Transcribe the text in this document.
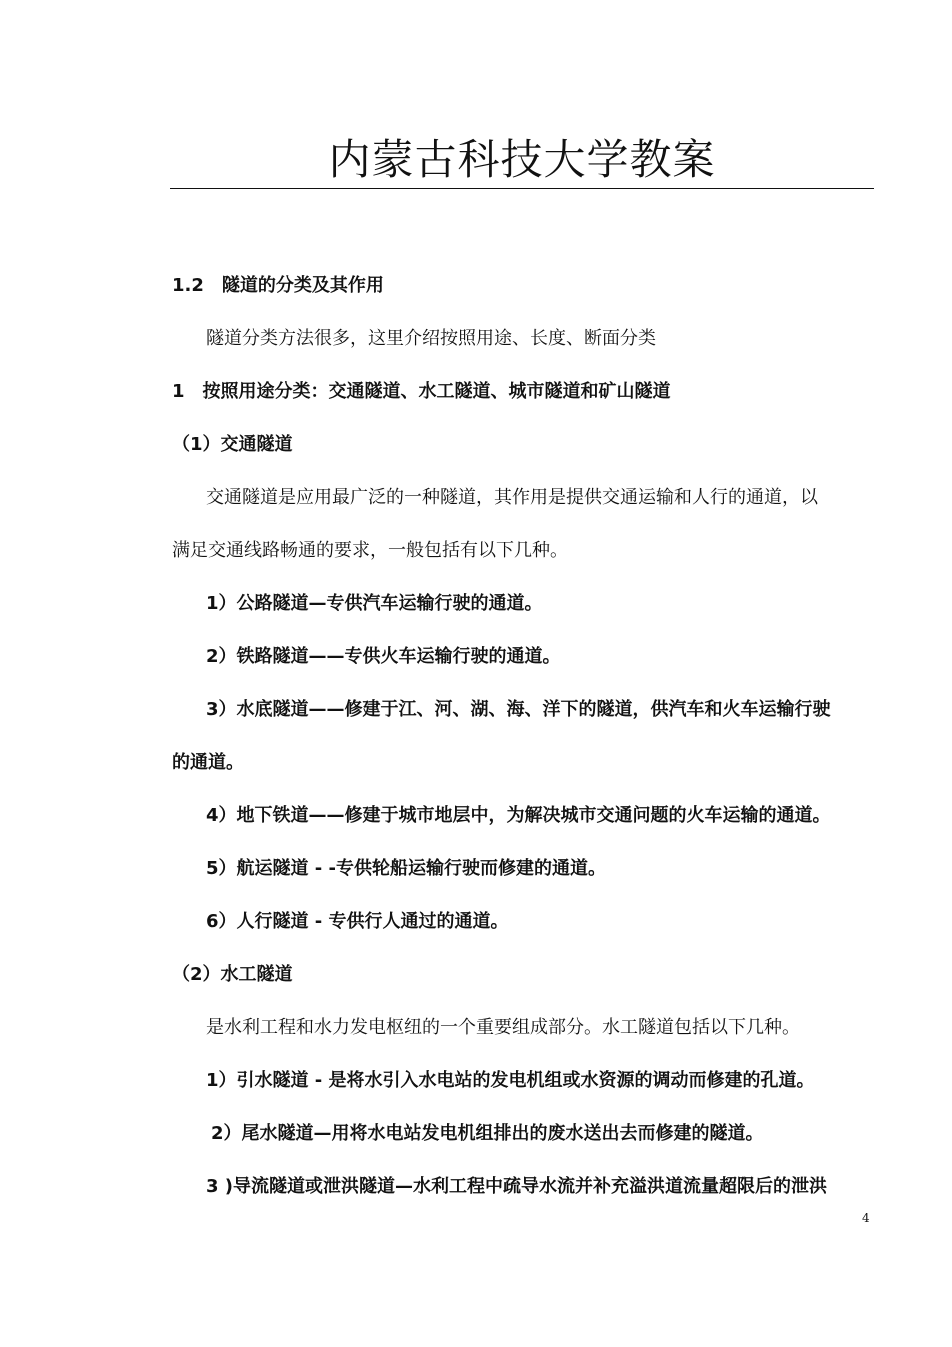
内蒙古科技大学教案
1.2　隧道的分类及其作用
隧道分类方法很多，这里介绍按照用途、长度、断面分类
1　按照用途分类：交通隧道、水工隧道、城市隧道和矿山隧道
（1）交通隧道
交通隧道是应用最广泛的一种隧道，其作用是提供交通运输和人行的通道，以
满足交通线路畅通的要求，一般包括有以下几种。
1）公路隧道—专供汽车运输行驶的通道。
2）铁路隧道——专供火车运输行驶的通道。
3）水底隧道——修建于江、河、湖、海、洋下的隧道，供汽车和火车运输行驶
的通道。
4）地下铁道——修建于城市地层中，为解决城市交通问题的火车运输的通道。
5）航运隧道 - -专供轮船运输行驶而修建的通道。
6）人行隧道 - 专供行人通过的通道。
（2）水工隧道
是水利工程和水力发电枢纽的一个重要组成部分。水工隧道包括以下几种。
1）引水隧道 - 是将水引入水电站的发电机组或水资源的调动而修建的孔道。
2）尾水隧道—用将水电站发电机组排出的废水送出去而修建的隧道。
3 )导流隧道或泄洪隧道—水利工程中疏导水流并补充溢洪道流量超限后的泄洪
4
